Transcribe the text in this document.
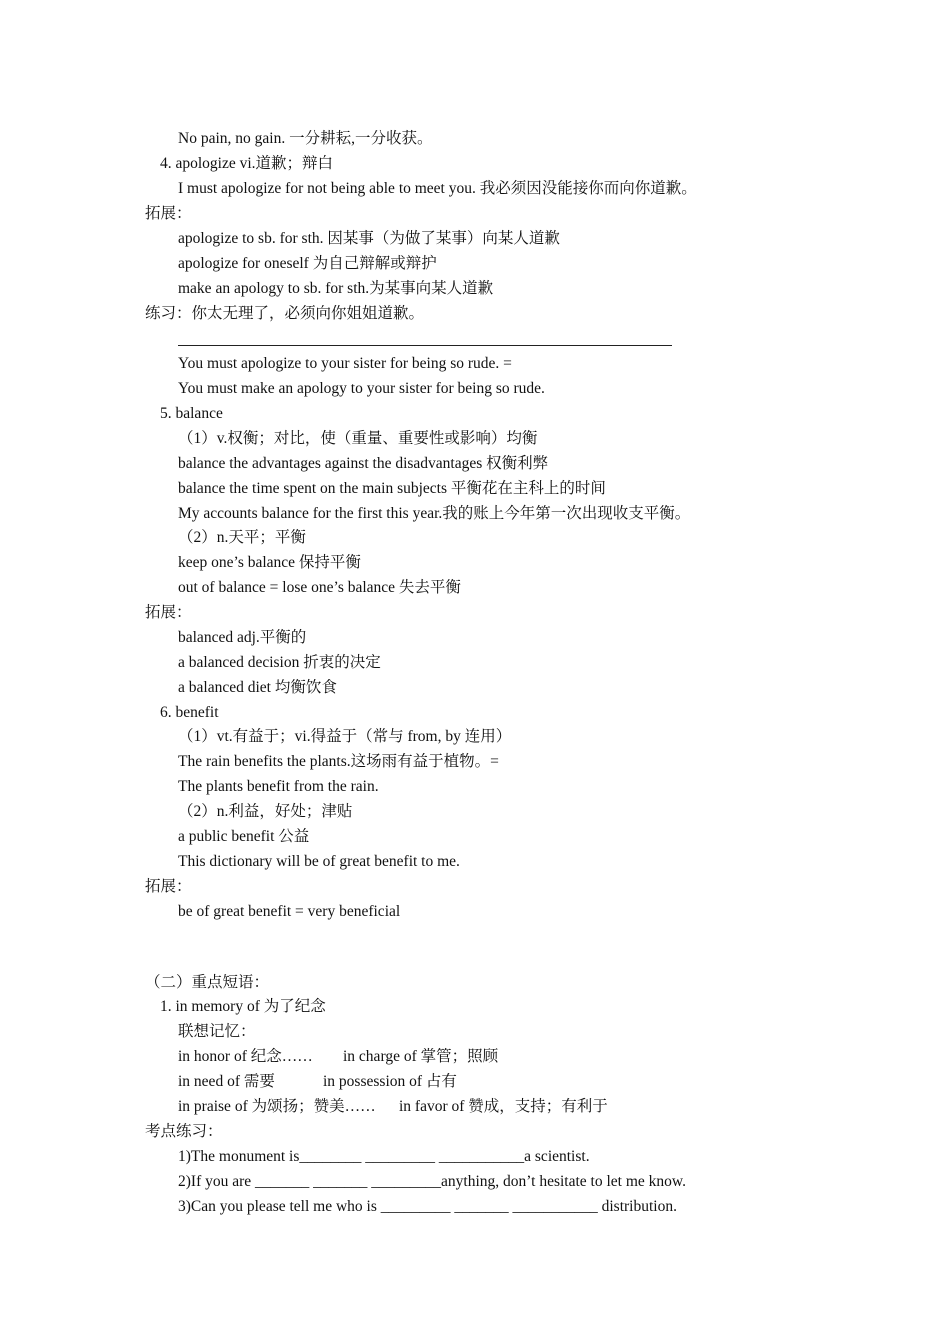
No pain, no gain. 一分耕耘,一分收获。
4. apologize vi.道歉；辩白
I must apologize for not being able to meet you. 我必须因没能接你而向你道歉。
拓展：
apologize to sb. for sth. 因某事（为做了某事）向某人道歉
apologize for oneself 为自己辩解或辩护
make an apology to sb. for sth.为某事向某人道歉
练习：你太无理了，必须向你姐姐道歉。
You must apologize to your sister for being so rude. =
You must make an apology to your sister for being so rude.
5. balance
（1）v.权衡；对比，使（重量、重要性或影响）均衡
balance the advantages against the disadvantages 权衡利弊
balance the time spent on the main subjects 平衡花在主科上的时间
My accounts balance for the first this year.我的账上今年第一次出现收支平衡。
（2）n.天平；平衡
keep one’s balance 保持平衡
out of balance = lose one’s balance 失去平衡
拓展：
balanced adj.平衡的
a balanced decision 折衷的决定
a balanced diet 均衡饮食
6. benefit
（1）vt.有益于；vi.得益于（常与 from, by 连用）
The rain benefits the plants.这场雨有益于植物。=
The plants benefit from the rain.
（2）n.利益，好处；津贴
a public benefit 公益
This dictionary will be of great benefit to me.
拓展：
be of great benefit = very beneficial
（二）重点短语：
1. in memory of 为了纪念
联想记忆：
in honor of 纪念…… in charge of 掌管；照顾
in need of 需要	in possession of 占有
in praise of 为颂扬；赞美…… in favor of 赞成，支持；有利于
考点练习：
1)The monument is________ _________ ___________a scientist.
2)If you are _______ _______ _________anything, don’t hesitate to let me know.
3)Can you please tell me who is _________ _______ ___________ distribution.
